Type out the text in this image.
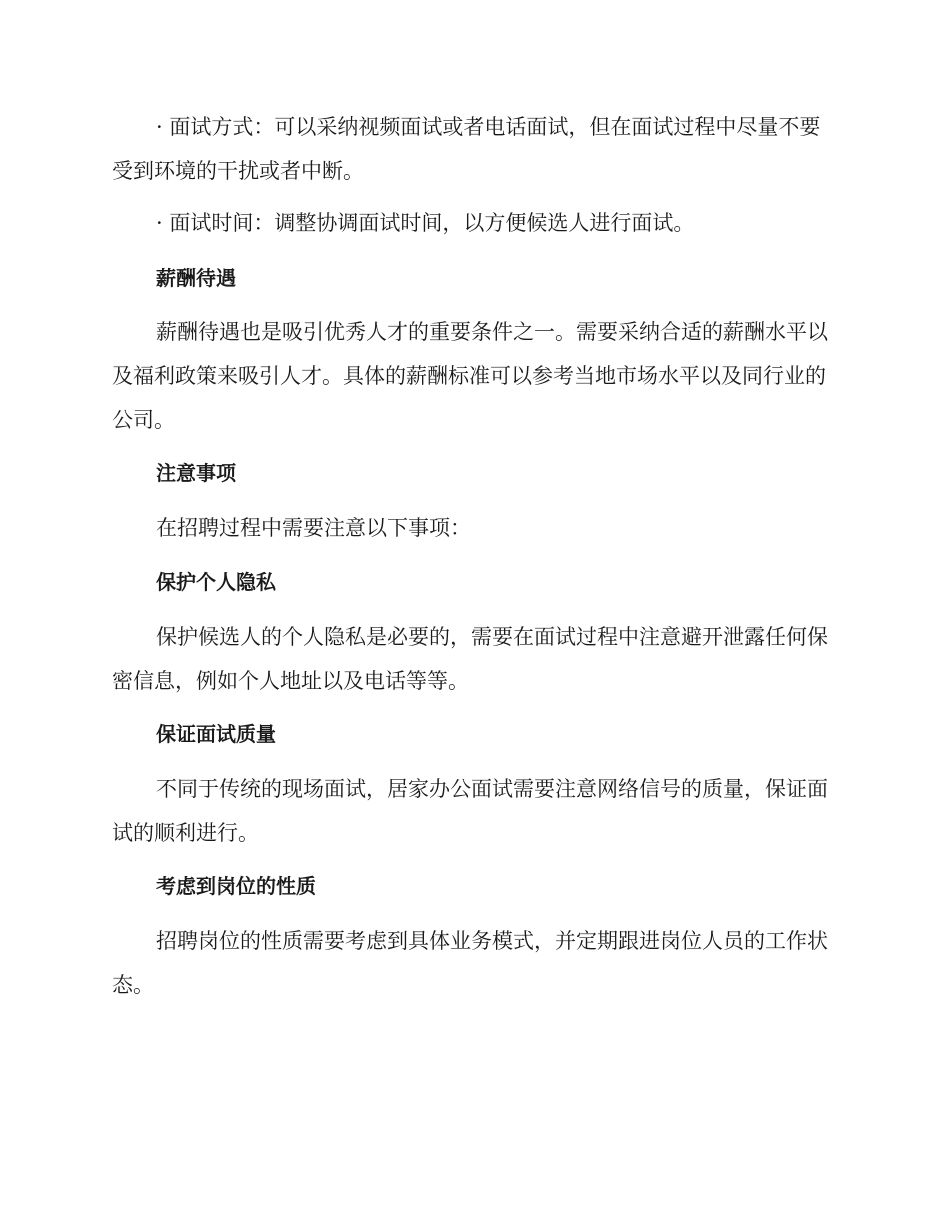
· 面试方式：可以采纳视频面试或者电话面试，但在面试过程中尽量不要受到环境的干扰或者中断。

· 面试时间：调整协调面试时间，以方便候选人进行面试。

薪酬待遇

薪酬待遇也是吸引优秀人才的重要条件之一。需要采纳合适的薪酬水平以及福利政策来吸引人才。具体的薪酬标准可以参考当地市场水平以及同行业的公司。

注意事项

在招聘过程中需要注意以下事项：

保护个人隐私

保护候选人的个人隐私是必要的，需要在面试过程中注意避开泄露任何保密信息，例如个人地址以及电话等等。

保证面试质量

不同于传统的现场面试，居家办公面试需要注意网络信号的质量，保证面试的顺利进行。

考虑到岗位的性质

招聘岗位的性质需要考虑到具体业务模式，并定期跟进岗位人员的工作状态。
